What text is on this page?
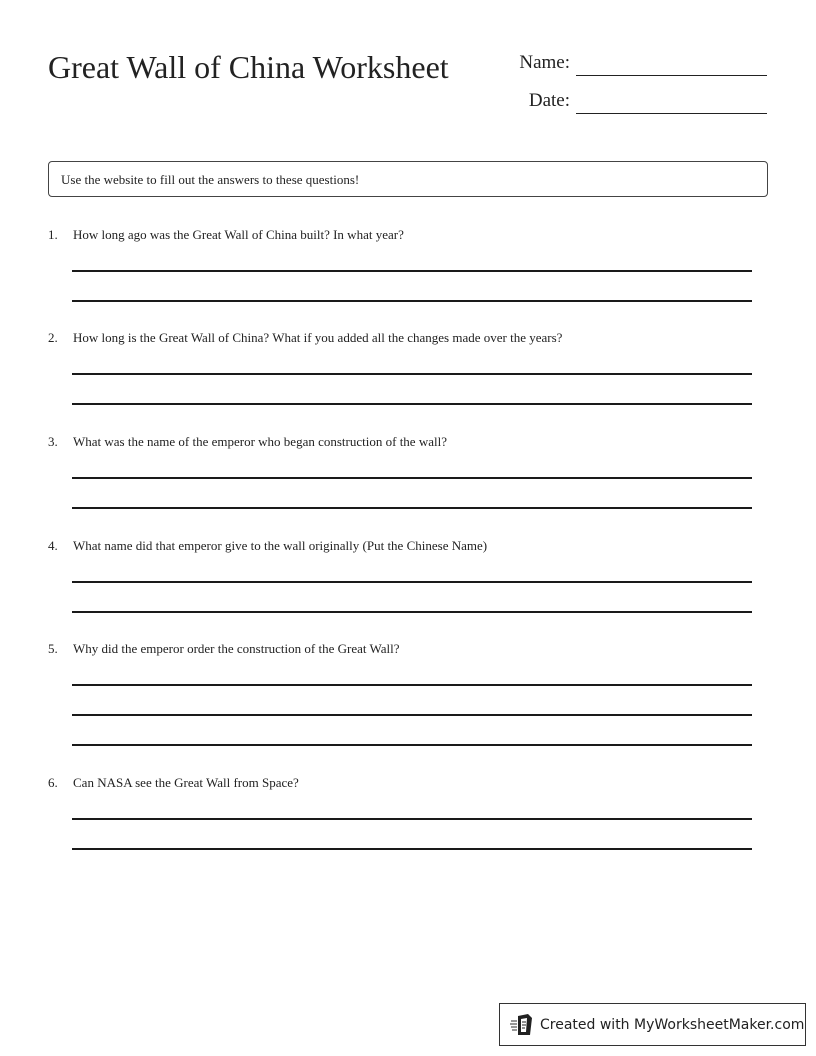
Great Wall of China Worksheet	Name:
Date:
Use the website to fill out the answers to these questions!
1.	How long ago was the Great Wall of China built? In what year?
2.	How long is the Great Wall of China? What if you added all the changes made over the years?
3.	What was the name of the emperor who began construction of the wall?
4.	What name did that emperor give to the wall originally (Put the Chinese Name)
5.	Why did the emperor order the construction of the Great Wall?
6.	Can NASA see the Great Wall from Space?
Created with MyWorksheetMaker.com
